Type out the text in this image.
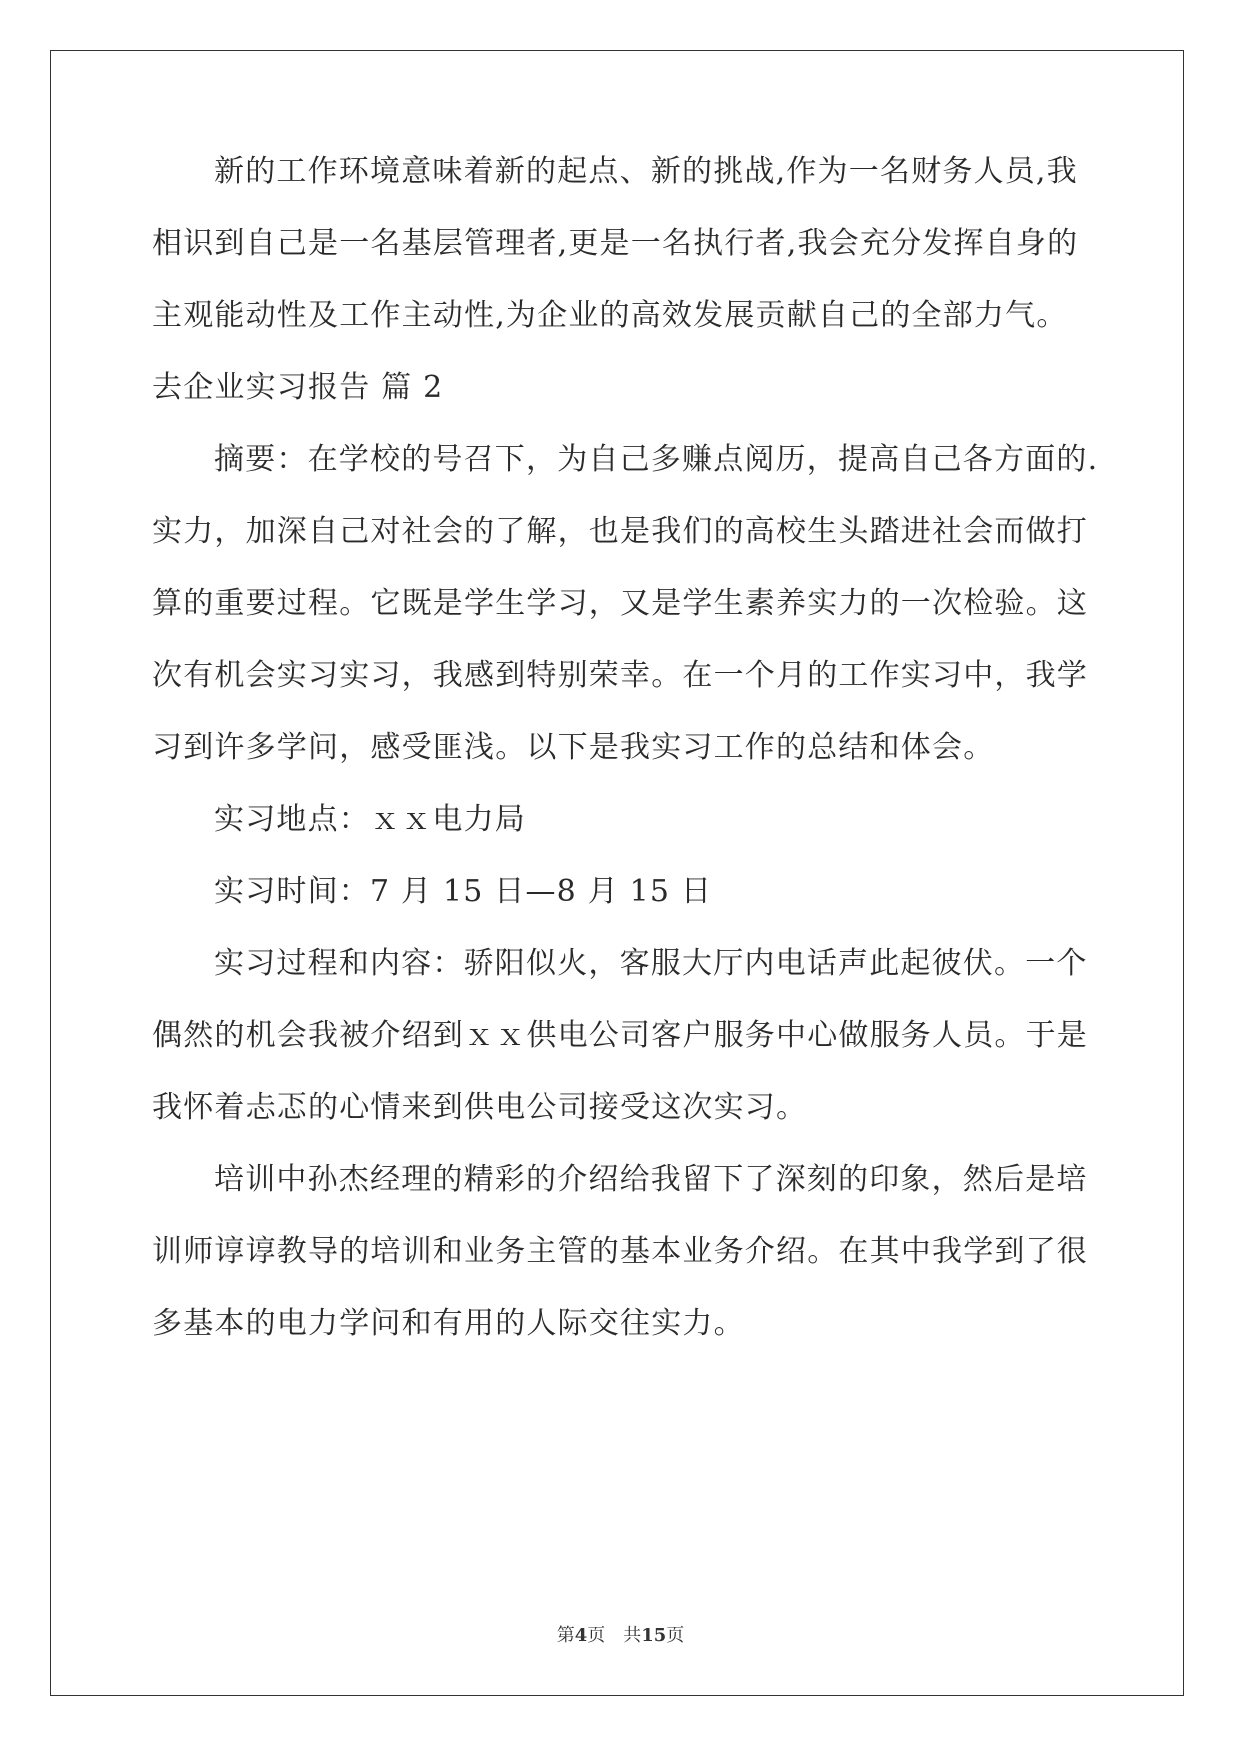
新的工作环境意味着新的起点、新的挑战,作为一名财务人员,我
相识到自己是一名基层管理者,更是一名执行者,我会充分发挥自身的
主观能动性及工作主动性,为企业的高效发展贡献自己的全部力气。
去企业实习报告 篇 2
摘要：在学校的号召下，为自己多赚点阅历，提高自己各方面的.
实力，加深自己对社会的了解，也是我们的高校生头踏进社会而做打
算的重要过程。它既是学生学习，又是学生素养实力的一次检验。这
次有机会实习实习，我感到特别荣幸。在一个月的工作实习中，我学
习到许多学问，感受匪浅。以下是我实习工作的总结和体会。
实习地点：ｘｘ电力局
实习时间：7 月 15 日—8 月 15 日
实习过程和内容：骄阳似火，客服大厅内电话声此起彼伏。一个
偶然的机会我被介绍到ｘｘ供电公司客户服务中心做服务人员。于是
我怀着忐忑的心情来到供电公司接受这次实习。
培训中孙杰经理的精彩的介绍给我留下了深刻的印象，然后是培
训师谆谆教导的培训和业务主管的基本业务介绍。在其中我学到了很
多基本的电力学问和有用的人际交往实力。
第4页　共15页
